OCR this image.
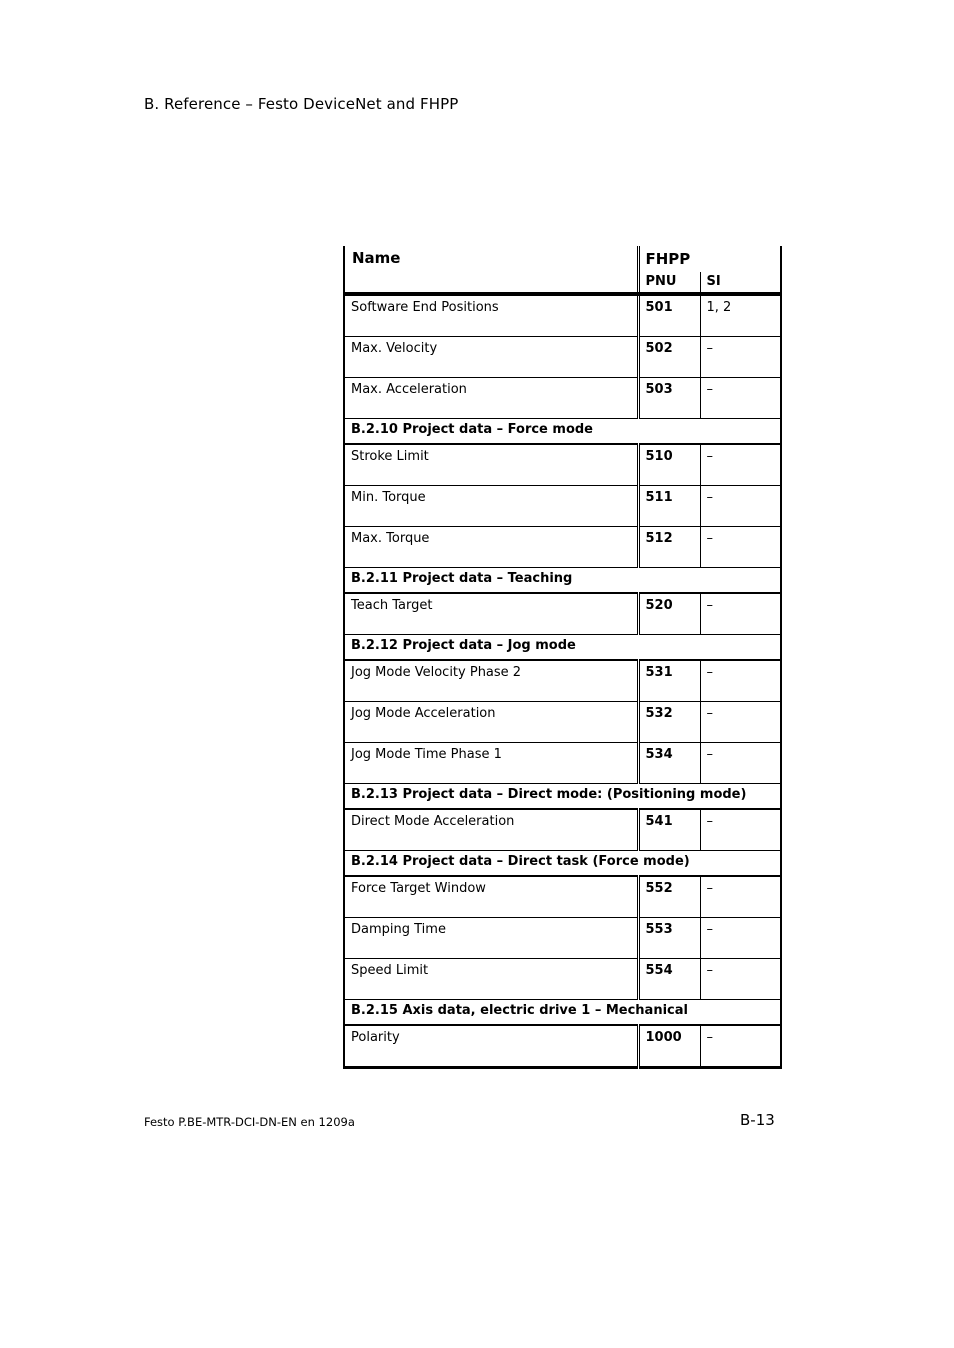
B. Reference – Festo DeviceNet and FHPP
Name	FHPP	
	PNU	SI
Software End Positions	501	1, 2
Max. Velocity	502	–
Max. Acceleration	503	–
B.2.10 Project data – Force mode		
Stroke Limit	510	–
Min. Torque	511	–
Max. Torque	512	–
B.2.11 Project data – Teaching		
Teach Target	520	–
B.2.12 Project data – Jog mode		
Jog Mode Velocity Phase 2	531	–
Jog Mode Acceleration	532	–
Jog Mode Time Phase 1	534	–
B.2.13 Project data – Direct mode: (Positioning mode)		
Direct Mode Acceleration	541	–
B.2.14 Project data – Direct task (Force mode)		
Force Target Window	552	–
Damping Time	553	–
Speed Limit	554	–
B.2.15 Axis data, electric drive 1 – Mechanical		
Polarity	1000	–
Festo P.BE-MTR-DCI-DN-EN en 1209a	B-13
